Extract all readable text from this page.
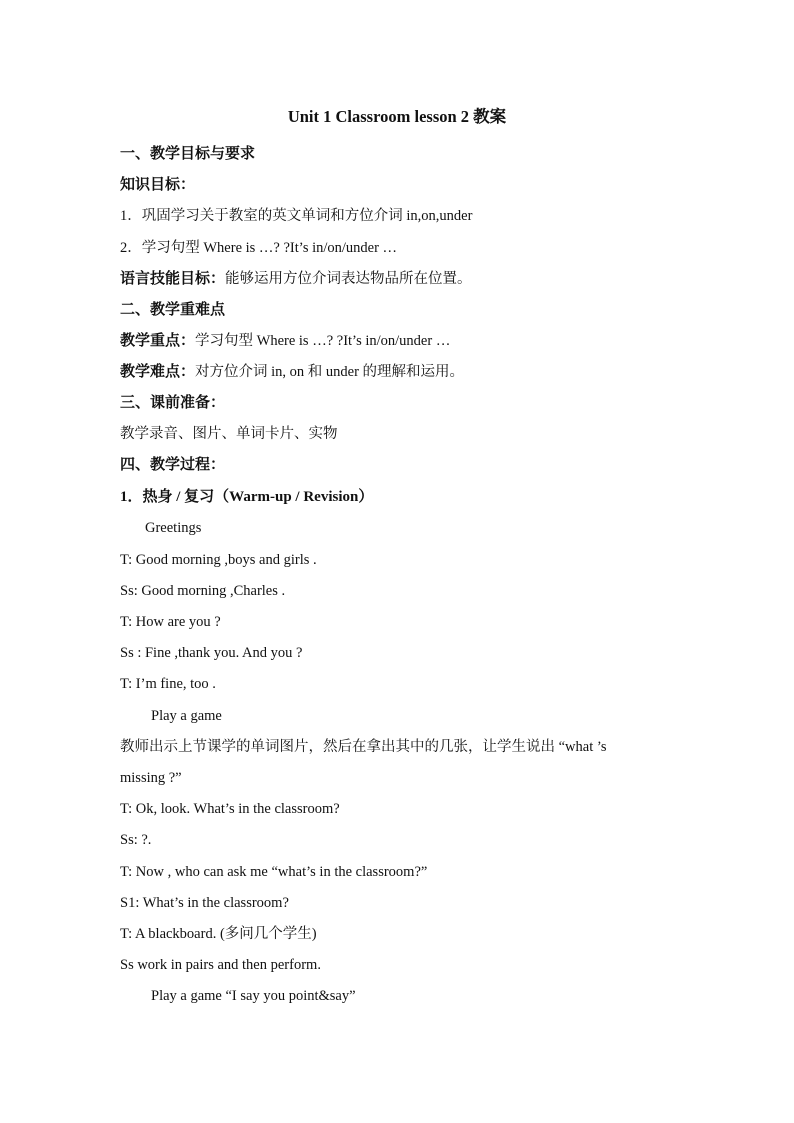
Unit 1 Classroom lesson 2 教案
一、教学目标与要求
知识目标：
1．巩固学习关于教室的英文单词和方位介词 in,on,under
2．学习句型 Where is …? ?It’s in/on/under …
语言技能目标：能够运用方位介词表达物品所在位置。
二、教学重难点
教学重点：学习句型 Where is …? ?It’s in/on/under …
教学难点：对方位介词 in, on 和 under 的理解和运用。
三、课前准备：
教学录音、图片、单词卡片、实物
四、教学过程：
1．热身 / 复习（Warm-up / Revision）
Greetings
T: Good morning ,boys and girls .
Ss: Good morning ,Charles .
T: How are you ?
Ss : Fine ,thank you. And you ?
T: I’m fine, too .
Play a game
教师出示上节课学的单词图片，然后在拿出其中的几张，让学生说出 “what ’s
missing ?”
T: Ok, look. What’s in the classroom?
Ss: ?.
T: Now , who can ask me “what’s in the classroom?”
S1: What’s in the classroom?
T: A blackboard. (多问几个学生)
Ss work in pairs and then perform.
Play a game “I say you point&say”
